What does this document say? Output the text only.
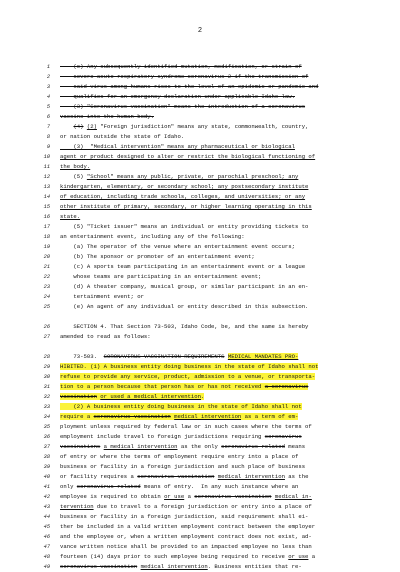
2
1 (c) Any subsequently identified mutation, modification, or strain of
2 severe acute respiratory syndrome coronavirus 2 if the transmission of
3 said virus among humans rises to the level of an epidemic or pandemic and
4 qualifies for an emergency declaration under applicable Idaho law.
5 (3) "Coronavirus vaccination" means the introduction of a coronavirus
6 vaccine into the human body.
7	(4) (2) "Foreign jurisdiction" means any state, commonwealth, country,
8 or nation outside the state of Idaho.
9 (3)  "Medical intervention" means any pharmaceutical or biological
10 agent or product designed to alter or restrict the biological functioning of
11 the body.
12 (5) "School" means any public, private, or parochial preschool; any
13 kindergarten, elementary, or secondary school; any postsecondary institute
14 of education, including trade schools, colleges, and universities; or any
15 other institute of primary, secondary, or higher learning operating in this
16 state.
17 (5) "Ticket issuer" means an individual or entity providing tickets to
18 an entertainment event, including any of the following:
19 (a) The operator of the venue where an entertainment event occurs;
20 (b) The sponsor or promoter of an entertainment event;
21 (c) A sports team participating in an entertainment event or a league
22 whose teams are participating in an entertainment event;
23 (d) A theater company, musical group, or similar participant in an en-
24 tertainment event; or
25 (e) An agent of any individual or entity described in this subsection.
26 SECTION 4. That Section 73-503, Idaho Code, be, and the same is hereby
27 amended to read as follows:
28 73-503.  CORONAVIRUS VACCINATION REQUIREMENTS MEDICAL MANDATES PRO-
29 HIBITED. (1) A business entity doing business in the state of Idaho shall not
30 refuse to provide any service, product, admission to a venue, or transporta-
31 tion to a person because that person has or has not received a coronavirus
32 vaccination or used a medical intervention.
33 (2) A business entity doing business in the state of Idaho shall not
34 require a coronavirus vaccination medical intervention as a term of em-
35 ployment unless required by federal law or in such cases where the terms of
36 employment include travel to foreign jurisdictions requiring coronavirus
37 vaccinations a medical intervention as the only coronavirus-related means
38 of entry or where the terms of employment require entry into a place of
39 business or facility in a foreign jurisdiction and such place of business
40 or facility requires a coronavirus vaccination medical intervention as the
41 only coronavirus-related means of entry.  In any such instance where an
42 employee is required to obtain or use a coronavirus vaccination medical in-
43 tervention due to travel to a foreign jurisdiction or entry into a place of
44 business or facility in a foreign jurisdiction, said requirement shall ei-
45 ther be included in a valid written employment contract between the employer
46 and the employee or, when a written employment contract does not exist, ad-
47 vance written notice shall be provided to an impacted employee no less than
48 fourteen (14) days prior to such employee being required to receive or use a
49 coronavirus vaccination medical intervention. Business entities that re-
